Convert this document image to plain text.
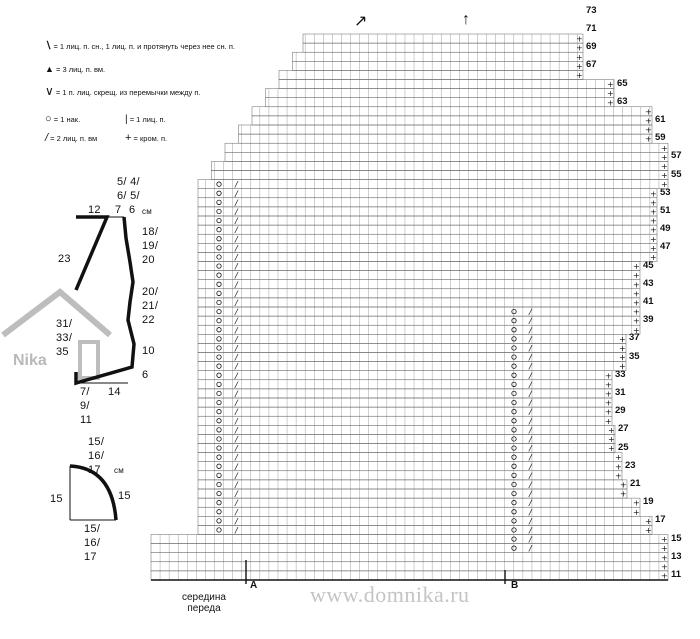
+
+
+
+
/
+
/
+
/	/
+
/	/
+
/	/
+
/	/
+
/	/
+
/	/
+
/	/
+
/	/
+
/	/
+
/	/
+
/	/
+
/	/
+
/	/
+
/	/
+
/	/
+
/	/
+
/	/
+
/	/
+
/	/
+
/	/
+
/	/
+
/	/
+
/	/
+
/	/
+
/	/
+
/
+
/
+
/
+
/
+
/
+
/
+
/
+
/
+
/
+
/
+
/
+
/
+
/
+
/
+
+
+
+
+
+
+
+
+
+
+
+
+
+
+
+
∖ = 1 лиц. п. сн., 1 лиц. п. и протянуть через нее сн. п.
▲ = 3 лиц. п. вм.
∨ = 1 п. лиц. скрещ. из перемычки между п.
○ = 1 нак.	| = 1 лиц. п.
/ = 2 лиц. п. вм	+ = кром. п.
Nika
5/ 4/
6/ 5/
12 7 6 см
18/
19/
20
23
20/
21/
22
31/
33/
35	10
6
7/ 14
9/
11
15/
16/
17 см
15	15
15/
16/
17
A	B
середина
переда
73
71
69
67
65
63
61
59
57
55
53
51
49
47
45
43
41
39
37
35
33
31
29
27
25
23
21
19
17
15
13
11
↗	↑
www.domnika.ru
